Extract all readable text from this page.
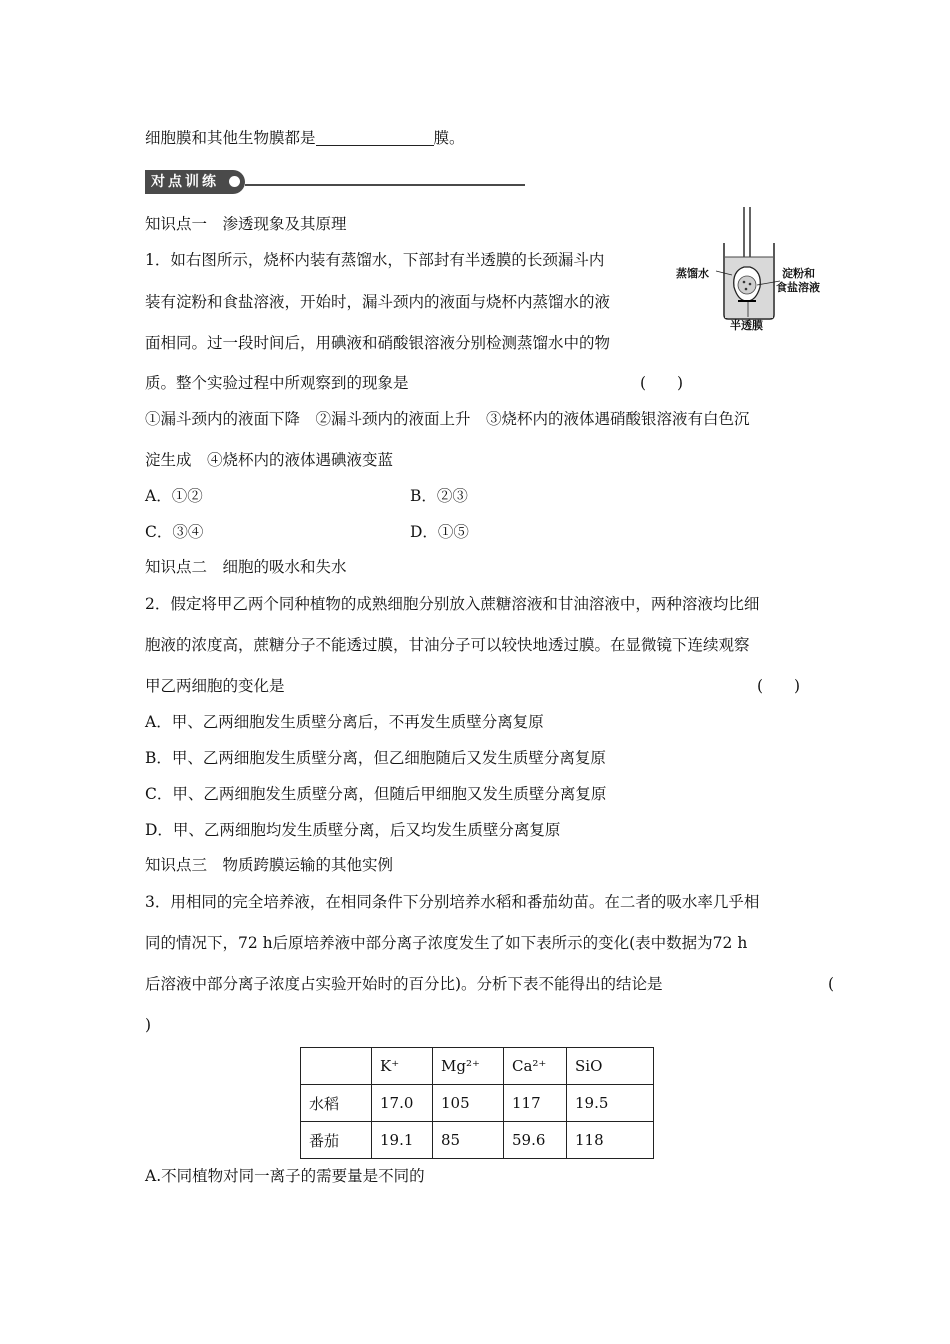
细胞膜和其他生物膜都是	膜。
对点训练
知识点一　渗透现象及其原理
1．如右图所示，烧杯内装有蒸馏水，下部封有半透膜的长颈漏斗内
装有淀粉和食盐溶液，开始时，漏斗颈内的液面与烧杯内蒸馏水的液
面相同。过一段时间后，用碘液和硝酸银溶液分别检测蒸馏水中的物
质。整个实验过程中所观察到的现象是	(　　)
蒸馏水	淀粉和
食盐溶液
半透膜
①漏斗颈内的液面下降　②漏斗颈内的液面上升　③烧杯内的液体遇硝酸银溶液有白色沉
淀生成　④烧杯内的液体遇碘液变蓝
A．①②	B．②③
C．③④	D．①⑤
知识点二　细胞的吸水和失水
2．假定将甲乙两个同种植物的成熟细胞分别放入蔗糖溶液和甘油溶液中，两种溶液均比细
胞液的浓度高，蔗糖分子不能透过膜，甘油分子可以较快地透过膜。在显微镜下连续观察
甲乙两细胞的变化是	(　　)
A．甲、乙两细胞发生质壁分离后，不再发生质壁分离复原
B．甲、乙两细胞发生质壁分离，但乙细胞随后又发生质壁分离复原
C．甲、乙两细胞发生质壁分离，但随后甲细胞又发生质壁分离复原
D．甲、乙两细胞均发生质壁分离，后又均发生质壁分离复原
知识点三　物质跨膜运输的其他实例
3．用相同的完全培养液，在相同条件下分别培养水稻和番茄幼苗。在二者的吸水率几乎相
同的情况下，72 h后原培养液中部分离子浓度发生了如下表所示的变化(表中数据为72 h
后溶液中部分离子浓度占实验开始时的百分比)。分析下表不能得出的结论是	(
)
	K⁺	Mg²⁺	Ca²⁺	SiO
水稻	17.0	105	117	19.5
番茄	19.1	85	59.6	118
A.不同植物对同一离子的需要量是不同的
